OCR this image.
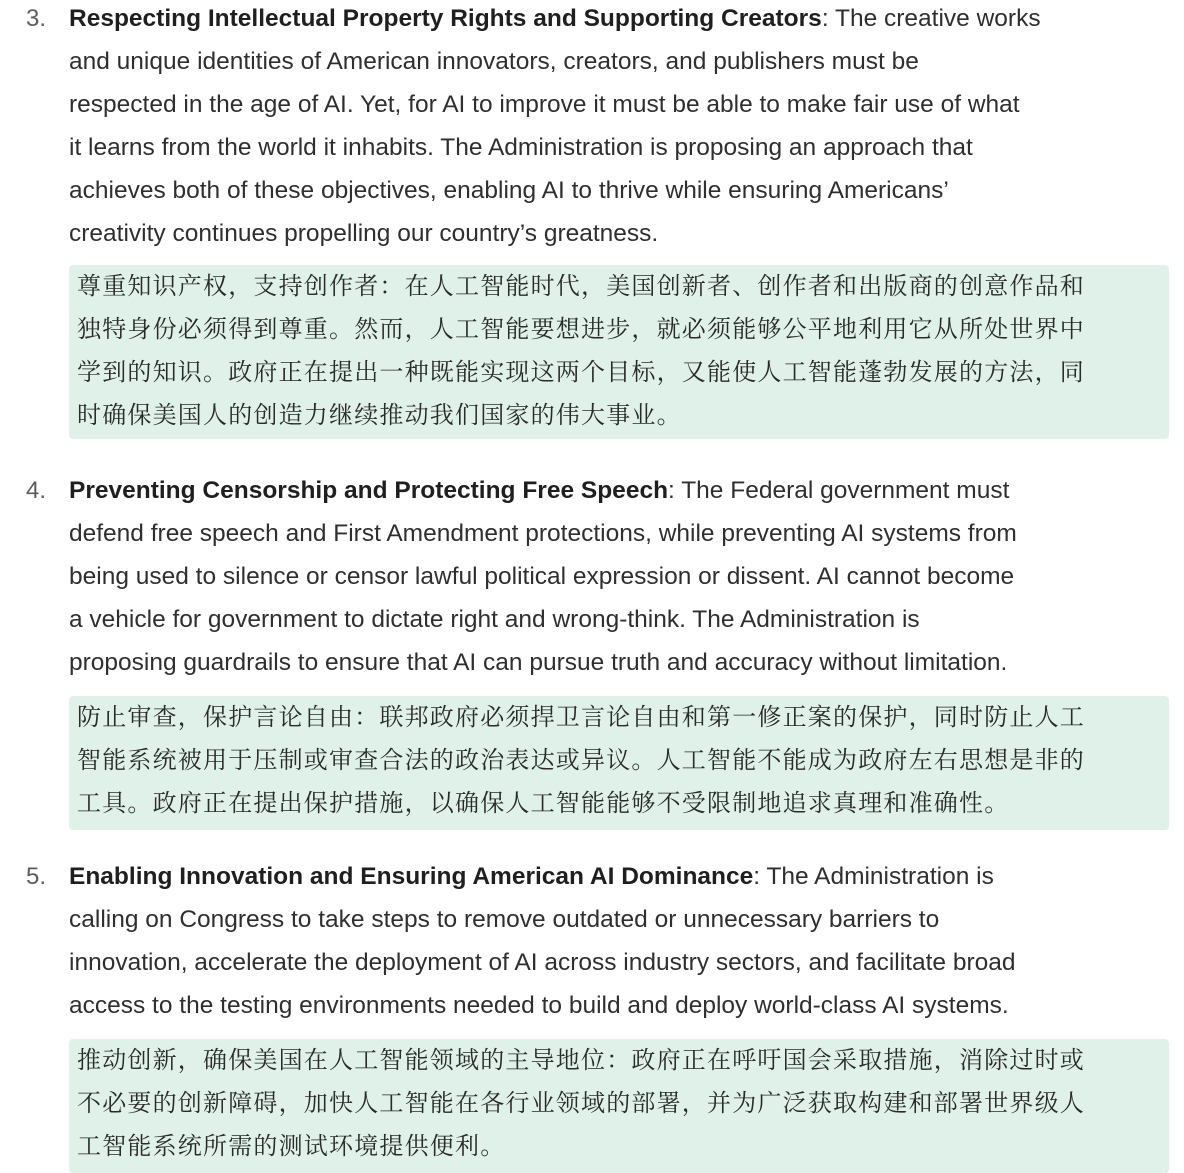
3. Respecting Intellectual Property Rights and Supporting Creators: The creative works
and unique identities of American innovators, creators, and publishers must be
respected in the age of AI. Yet, for AI to improve it must be able to make fair use of what
it learns from the world it inhabits. The Administration is proposing an approach that
achieves both of these objectives, enabling AI to thrive while ensuring Americans’
creativity continues propelling our country’s greatness.
尊重知识产权，支持创作者：在人工智能时代，美国创新者、创作者和出版商的创意作品和
独特身份必须得到尊重。然而，人工智能要想进步，就必须能够公平地利用它从所处世界中
学到的知识。政府正在提出一种既能实现这两个目标，又能使人工智能蓬勃发展的方法，同
时确保美国人的创造力继续推动我们国家的伟大事业。
4. Preventing Censorship and Protecting Free Speech: The Federal government must
defend free speech and First Amendment protections, while preventing AI systems from
being used to silence or censor lawful political expression or dissent. AI cannot become
a vehicle for government to dictate right and wrong-think. The Administration is
proposing guardrails to ensure that AI can pursue truth and accuracy without limitation.
防止审查，保护言论自由：联邦政府必须捍卫言论自由和第一修正案的保护，同时防止人工
智能系统被用于压制或审查合法的政治表达或异议。人工智能不能成为政府左右思想是非的
工具。政府正在提出保护措施，以确保人工智能能够不受限制地追求真理和准确性。
5. Enabling Innovation and Ensuring American AI Dominance: The Administration is
calling on Congress to take steps to remove outdated or unnecessary barriers to
innovation, accelerate the deployment of AI across industry sectors, and facilitate broad
access to the testing environments needed to build and deploy world-class AI systems.
推动创新，确保美国在人工智能领域的主导地位：政府正在呼吁国会采取措施，消除过时或
不必要的创新障碍，加快人工智能在各行业领域的部署，并为广泛获取构建和部署世界级人
工智能系统所需的测试环境提供便利。
